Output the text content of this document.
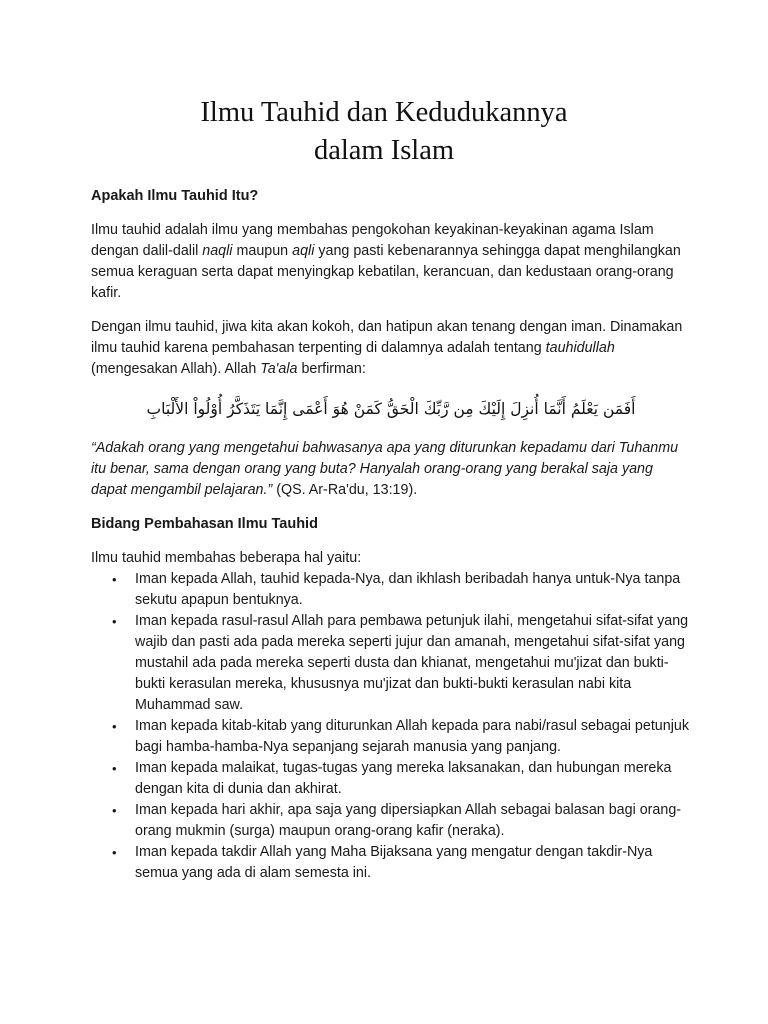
Ilmu Tauhid dan Kedudukannya
dalam Islam
Apakah Ilmu Tauhid Itu?

Ilmu tauhid adalah ilmu yang membahas pengokohan keyakinan-keyakinan agama Islam dengan dalil-dalil naqli maupun aqli yang pasti kebenarannya sehingga dapat menghilangkan semua keraguan serta dapat menyingkap kebatilan, kerancuan, dan kedustaan orang-orang kafir.

Dengan ilmu tauhid, jiwa kita akan kokoh, dan hatipun akan tenang dengan iman. Dinamakan ilmu tauhid karena pembahasan terpenting di dalamnya adalah tentang tauhidullah (mengesakan Allah). Allah Ta'ala berfirman:

أَفَمَن يَعْلَمُ أَنَّمَا أُنزِلَ إِلَيْكَ مِن رَّبِّكَ الْحَقُّ كَمَنْ هُوَ أَعْمَى إِنَّمَا يَتَذَكَّرُ أُوْلُواْ الأَلْبَابِ

“Adakah orang yang mengetahui bahwasanya apa yang diturunkan kepadamu dari Tuhanmu itu benar, sama dengan orang yang buta? Hanyalah orang-orang yang berakal saja yang dapat mengambil pelajaran.” (QS. Ar-Ra'du, 13:19).

Bidang Pembahasan Ilmu Tauhid

Ilmu tauhid membahas beberapa hal yaitu:

• Iman kepada Allah, tauhid kepada-Nya, dan ikhlash beribadah hanya untuk-Nya tanpa sekutu apapun bentuknya.
• Iman kepada rasul-rasul Allah para pembawa petunjuk ilahi, mengetahui sifat-sifat yang wajib dan pasti ada pada mereka seperti jujur dan amanah, mengetahui sifat-sifat yang mustahil ada pada mereka seperti dusta dan khianat, mengetahui mu'jizat dan bukti-bukti kerasulan mereka, khususnya mu'jizat dan bukti-bukti kerasulan nabi kita Muhammad saw.
• Iman kepada kitab-kitab yang diturunkan Allah kepada para nabi/rasul sebagai petunjuk bagi hamba-hamba-Nya sepanjang sejarah manusia yang panjang.
• Iman kepada malaikat, tugas-tugas yang mereka laksanakan, dan hubungan mereka dengan kita di dunia dan akhirat.
• Iman kepada hari akhir, apa saja yang dipersiapkan Allah sebagai balasan bagi orang-orang mukmin (surga) maupun orang-orang kafir (neraka).
• Iman kepada takdir Allah yang Maha Bijaksana yang mengatur dengan takdir-Nya semua yang ada di alam semesta ini.
